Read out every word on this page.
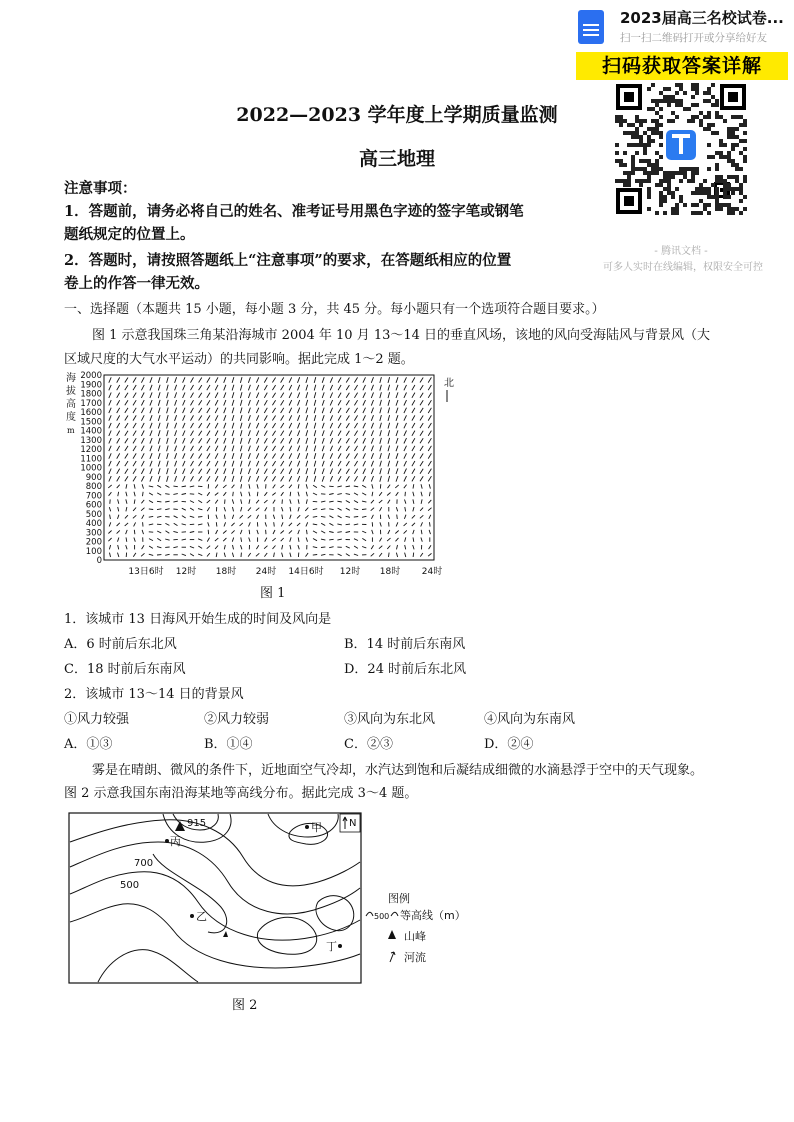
2023届高三名校试卷...
扫一扫二维码打开或分享给好友
扫码获取答案详解
- 腾讯文档 -
可多人实时在线编辑，权限安全可控
2022—2023 学年度上学期质量监测
高三地理
注意事项：
1．答题前，请务必将自己的姓名、准考证号用黑色字迹的签字笔或钢笔
题纸规定的位置上。
2．答题时，请按照答题纸上“注意事项”的要求，在答题纸相应的位置
卷上的作答一律无效。
一、选择题（本题共 15 小题，每小题 3 分，共 45 分。每小题只有一个选项符合题目要求。）
图 1 示意我国珠三角某沿海城市 2004 年 10 月 13～14 日的垂直风场，该地的风向受海陆风与背景风（大
区域尺度的大气水平运动）的共同影响。据此完成 1～2 题。
海
拔
高
度
m
北
2000
1900
1800
1700
1600
1500
1400
1300
1200
1100
1000
900
800
700
600
500
400
300
200
100
0
13日6时 12时 18时 24时 14日6时 12时 18时 24时
图 1
1．该城市 13 日海风开始生成的时间及风向是
A．6 时前后东北风	B．14 时前后东南风
C．18 时前后东南风	D．24 时前后东北风
2．该城市 13～14 日的背景风
①风力较强	②风力较弱	③风向为东北风	④风向为东南风
A．①③	B．①④	C．②③	D．②④
雾是在晴朗、微风的条件下，近地面空气冷却，水汽达到饱和后凝结成细微的水滴悬浮于空中的天气现象。
图 2 示意我国东南沿海某地等高线分布。据此完成 3～4 题。
915
丙
700
500
乙
甲
丁
N
图例
500 等高线（m）
山峰
河流
图 2
